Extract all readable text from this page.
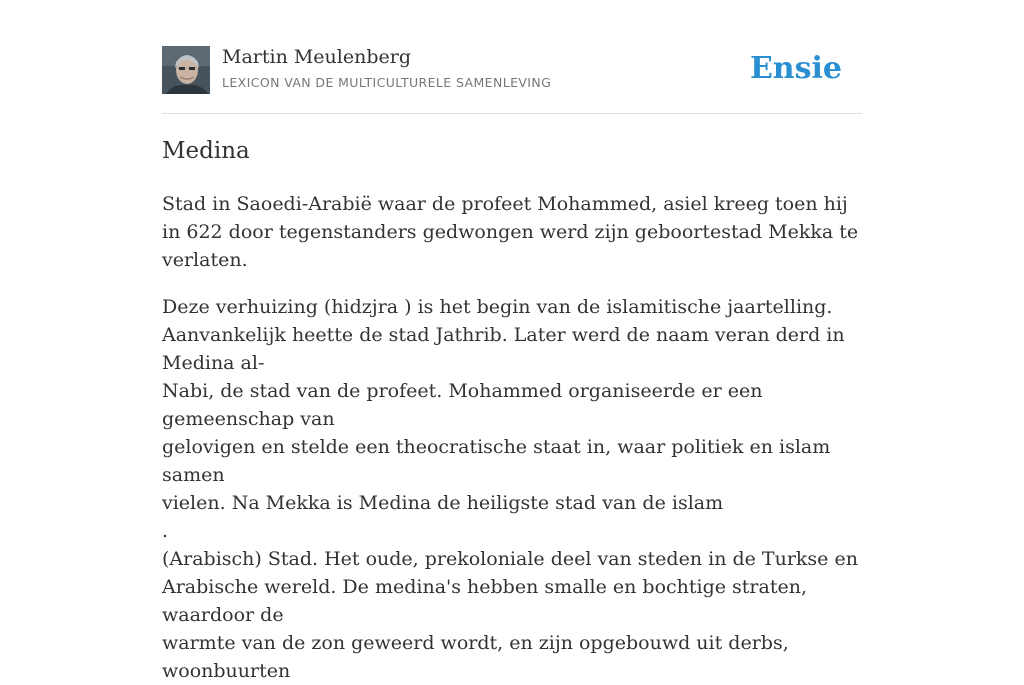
Martin Meulenberg
LEXICON VAN DE MULTICULTURELE SAMENLEVING	Ensie
Medina

Stad in Saoedi-Arabië waar de profeet Mohammed, asiel kreeg toen hij in 622 door tegenstanders gedwongen werd zijn geboortestad Mekka te verlaten.

Deze verhuizing (hidzjra ) is het begin van de islamitische jaartelling.
Aanvankelijk heette de stad Jathrib. Later werd de naam veran derd in Medina al-
Nabi, de stad van de profeet. Mohammed organiseerde er een gemeenschap van
gelovigen en stelde een theocratische staat in, waar politiek en islam samen
vielen. Na Mekka is Medina de heiligste stad van de islam
.
(Arabisch) Stad. Het oude, prekoloniale deel van steden in de Turkse en
Arabische wereld. De medina's hebben smalle en bochtige straten, waardoor de
warmte van de zon geweerd wordt, en zijn opgebouwd uit derbs, woonbuurten
